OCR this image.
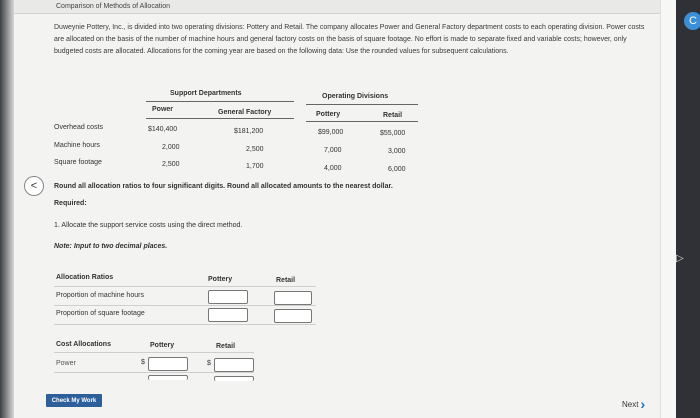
C
Comparison of Methods of Allocation
Duweynie Pottery, Inc., is divided into two operating divisions: Pottery and Retail. The company allocates Power and General Factory department costs to each operating division. Power costs are allocated on the basis of the number of machine hours and general factory costs on the basis of square footage. No effort is made to separate fixed and variable costs; however, only budgeted costs are allocated. Allocations for the coming year are based on the following data: Use the rounded values for subsequent calculations.
Support Departments	Operating Divisions
Power	General Factory	Pottery	Retail
Overhead costs	$140,400	$181,200	$99,000	$55,000
Machine hours	2,000	2,500	7,000	3,000
Square footage	2,500	1,700	4,000	6,000
< Round all allocation ratios to four significant digits. Round all allocated amounts to the nearest dollar.
Required:
1. Allocate the support service costs using the direct method.
Note: Input to two decimal places.
Allocation Ratios	Pottery	Retail
Proportion of machine hours
Proportion of square footage
Cost Allocations	Pottery	Retail
Power	$	$
Check My Work	Next ›
▷
